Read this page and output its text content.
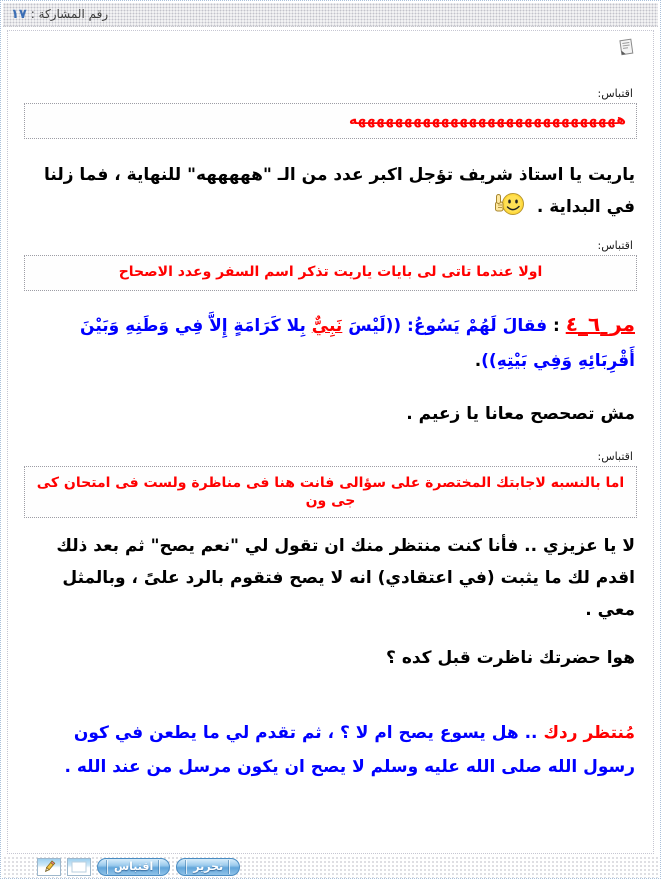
رقم المشاركة : ١٧
اقتباس:
هههههههههههههههههههههههههههههه

ياريت يا استاذ شريف تؤجل اكبر عدد من الـ "هههههه" للنهاية ، فما زلنا في البداية .

اقتباس:
اولا عندما تاتى لى بايات ياريت تذكر اسم السفر وعدد الاصحاح

مر_٦_٤ : فقالَ لَهُمْ يَسُوعُ: ((لَيْسَ نَبِيٌّ بِلا كَرَامَةٍ إِلاَّ فِي وَطَنِهِ وَبَيْنَ أَقْرِبَائِهِ وَفِي بَيْتِهِ)).

مش تصحصح معانا يا زعيم .

اقتباس:
اما بالنسبه لاجابتك المختصرة على سؤالى فانت هنا فى مناظرة ولست فى امتحان كى جى ون

لا يا عزيزي .. فأنا كنت منتظر منك ان تقول لي "نعم يصح" ثم بعد ذلك اقدم لك ما يثبت (في اعتقادي) انه لا يصح فتقوم بالرد علىً ، وبالمثل معي .

هوا حضرتك ناظرت قبل كده ؟

مُنتظر ردك .. هل يسوع يصح ام لا ؟ ، ثم تقدم لي ما يطعن في كون رسول الله صلى الله عليه وسلم لا يصح ان يكون مرسل من عند الله .

اقتباس	تحرير
